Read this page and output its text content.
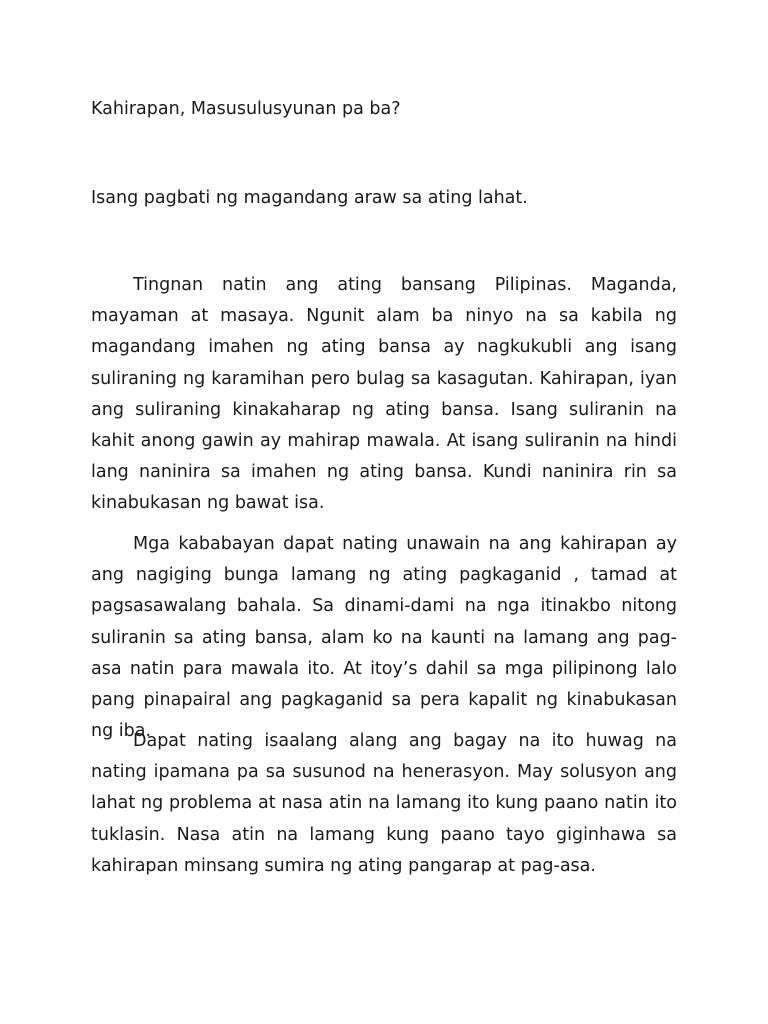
Kahirapan, Masusulusyunan pa ba?

Isang pagbati ng magandang araw sa ating lahat.

Tingnan natin ang ating bansang Pilipinas. Maganda, mayaman at masaya. Ngunit alam ba ninyo na sa kabila ng magandang imahen ng ating bansa ay nagkukubli ang isang suliraning ng karamihan pero bulag sa kasagutan. Kahirapan, iyan ang suliraning kinakaharap ng ating bansa. Isang suliranin na kahit anong gawin ay mahirap mawala. At isang suliranin na hindi lang naninira sa imahen ng ating bansa. Kundi naninira rin sa kinabukasan ng bawat isa.

Mga kababayan dapat nating unawain na ang kahirapan ay ang nagiging bunga lamang ng ating pagkaganid , tamad at pagsasawalang bahala. Sa dinami-dami na nga itinakbo nitong suliranin sa ating bansa, alam ko na kaunti na lamang ang pag-asa natin para mawala ito. At itoy’s dahil sa mga pilipinong lalo pang pinapairal ang pagkaganid sa pera kapalit ng kinabukasan ng iba.

Dapat nating isaalang alang ang bagay na ito huwag na nating ipamana pa sa susunod na henerasyon. May solusyon ang lahat ng problema at nasa atin na lamang ito kung paano natin ito tuklasin. Nasa atin na lamang kung paano tayo giginhawa sa kahirapan minsang sumira ng ating pangarap at pag-asa.
